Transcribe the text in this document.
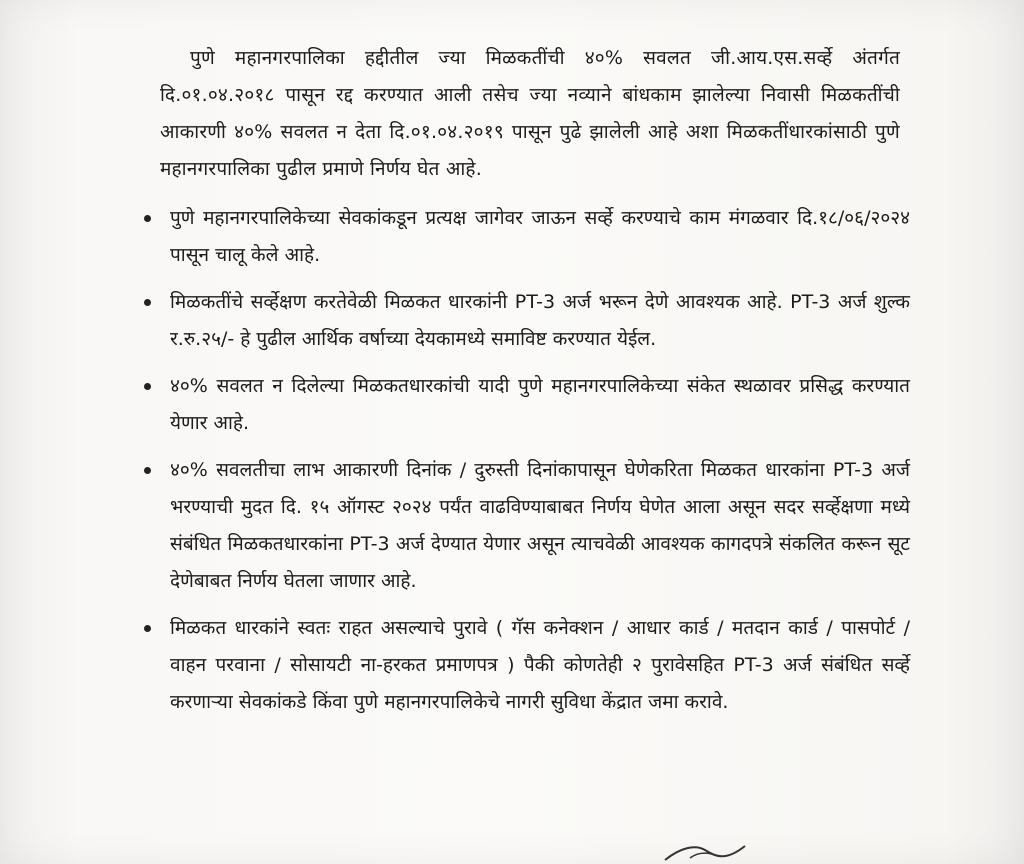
पुणे महानगरपालिका हद्दीतील ज्या मिळकतींची ४०% सवलत जी.आय.एस.सर्व्हे अंतर्गत दि.०१.०४.२०१८ पासून रद्द करण्यात आली तसेच ज्या नव्याने बांधकाम झालेल्या निवासी मिळकतींची आकारणी ४०% सवलत न देता दि.०१.०४.२०१९ पासून पुढे झालेली आहे अशा मिळकतींधारकांसाठी पुणे महानगरपालिका पुढील प्रमाणे निर्णय घेत आहे.

पुणे महानगरपालिकेच्या सेवकांकडून प्रत्यक्ष जागेवर जाऊन सर्व्हे करण्याचे काम मंगळवार दि.१८/०६/२०२४ पासून चालू केले आहे.
मिळकतींचे सर्व्हेक्षण करतेवेळी मिळकत धारकांनी PT-3 अर्ज भरून देणे आवश्यक आहे. PT-3 अर्ज शुल्क र.रु.२५/- हे पुढील आर्थिक वर्षाच्या देयकामध्ये समाविष्ट करण्यात येईल.
४०% सवलत न दिलेल्या मिळकतधारकांची यादी पुणे महानगरपालिकेच्या संकेत स्थळावर प्रसिद्ध करण्यात येणार आहे.
४०% सवलतीचा लाभ आकारणी दिनांक / दुरुस्ती दिनांकापासून घेणेकरिता मिळकत धारकांना PT-3 अर्ज भरण्याची मुदत दि. १५ ऑगस्ट २०२४ पर्यंत वाढविण्याबाबत निर्णय घेणेत आला असून सदर सर्व्हेक्षणा मध्ये संबंधित मिळकतधारकांना PT-3 अर्ज देण्यात येणार असून त्याचवेळी आवश्यक कागदपत्रे संकलित करून सूट देणेबाबत निर्णय घेतला जाणार आहे.
मिळकत धारकांने स्वतः राहत असल्याचे पुरावे ( गॅस कनेक्शन / आधार कार्ड / मतदान कार्ड / पासपोर्ट / वाहन परवाना / सोसायटी ना-हरकत प्रमाणपत्र ) पैकी कोणतेही २ पुरावेसहित PT-3 अर्ज संबंधित सर्व्हे करणाऱ्या सेवकांकडे किंवा पुणे महानगरपालिकेचे नागरी सुविधा केंद्रात जमा करावे.
